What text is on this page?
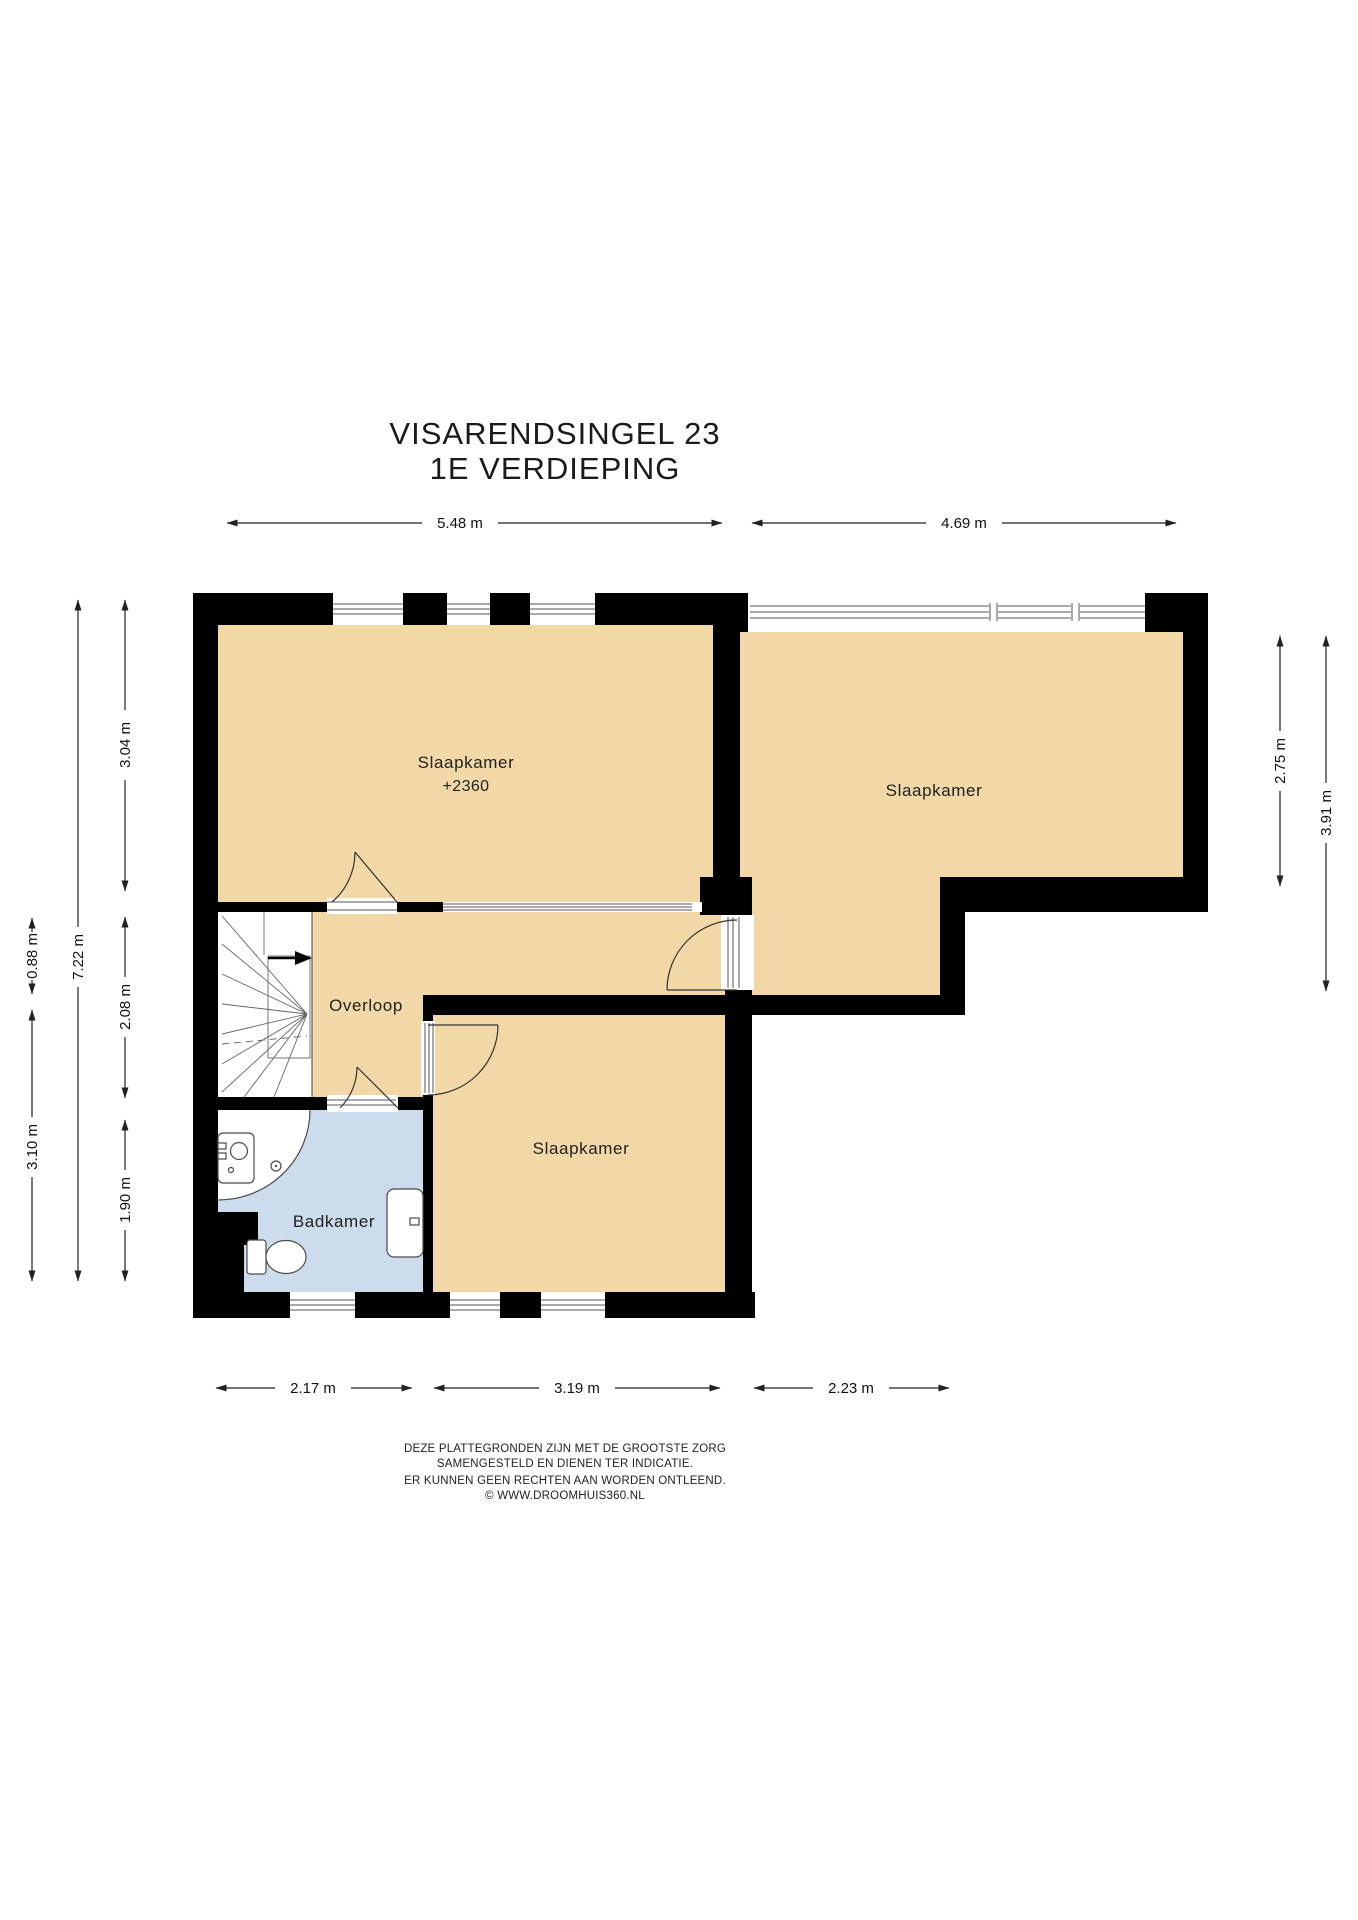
VISARENDSINGEL 23
1E VERDIEPING
Slaapkamer
+2360	Slaapkamer
Overloop
Slaapkamer
Badkamer
5.48 m	4.69 m
2.17 m	3.19 m	2.23 m
0.88 m
3.10 m
7.22 m
3.04 m
2.08 m
1.90 m
2.75 m
3.91 m
DEZE PLATTEGRONDEN ZIJN MET DE GROOTSTE ZORG
SAMENGESTELD EN DIENEN TER INDICATIE.
ER KUNNEN GEEN RECHTEN AAN WORDEN ONTLEEND.
© WWW.DROOMHUIS360.NL
